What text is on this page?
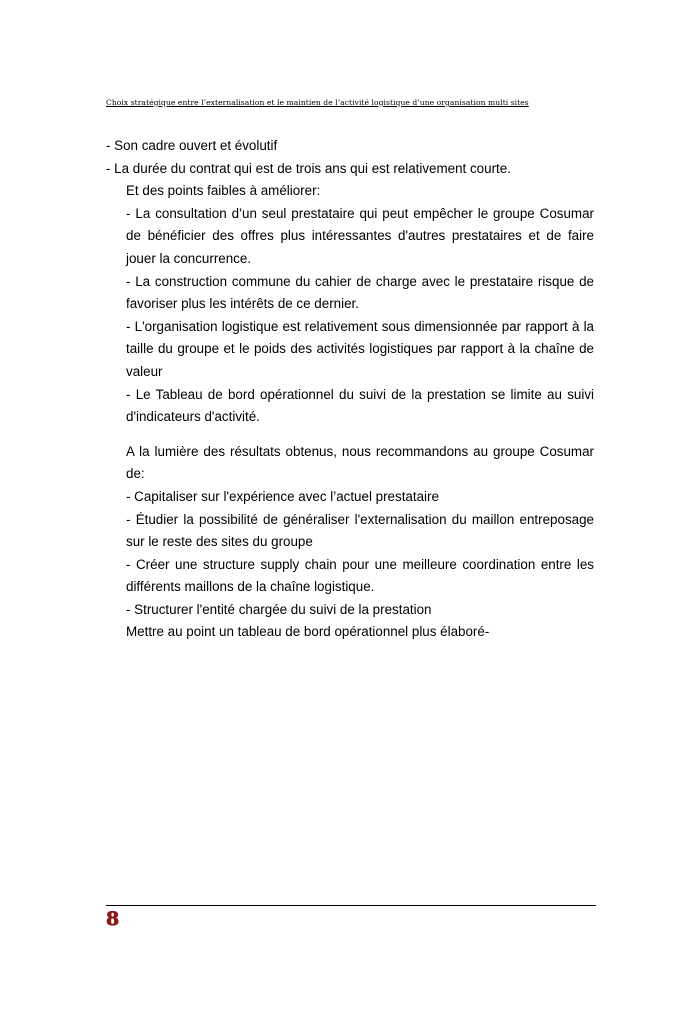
Choix stratégique entre l’externalisation et le maintien de l’activité logistique d’une organisation multi sites

- Son cadre ouvert et évolutif

- La durée du contrat qui est de trois ans qui est relativement courte.

Et des points faibles à améliorer:

- La consultation d’un seul prestataire qui peut empêcher le groupe Cosumar de bénéficier des offres plus intéressantes d'autres prestataires et de faire jouer la concurrence.

- La construction commune du cahier de charge avec le prestataire risque de favoriser plus les intérêts de ce dernier.

- L'organisation logistique est relativement sous dimensionnée par rapport à la taille du groupe et le poids des activités logistiques par rapport à la chaîne de valeur

- Le Tableau de bord opérationnel du suivi de la prestation se limite au suivi d'indicateurs d'activité.

A la lumière des résultats obtenus, nous recommandons au groupe Cosumar de:

- Capitaliser sur l'expérience avec l’actuel prestataire

- Étudier la possibilité de généraliser l'externalisation du maillon entreposage sur le reste des sites du groupe

- Créer une structure supply chain pour une meilleure coordination entre les différents maillons de la chaîne logistique.

- Structurer l'entité chargée du suivi de la prestation

Mettre au point un tableau de bord opérationnel plus élaboré-

8
